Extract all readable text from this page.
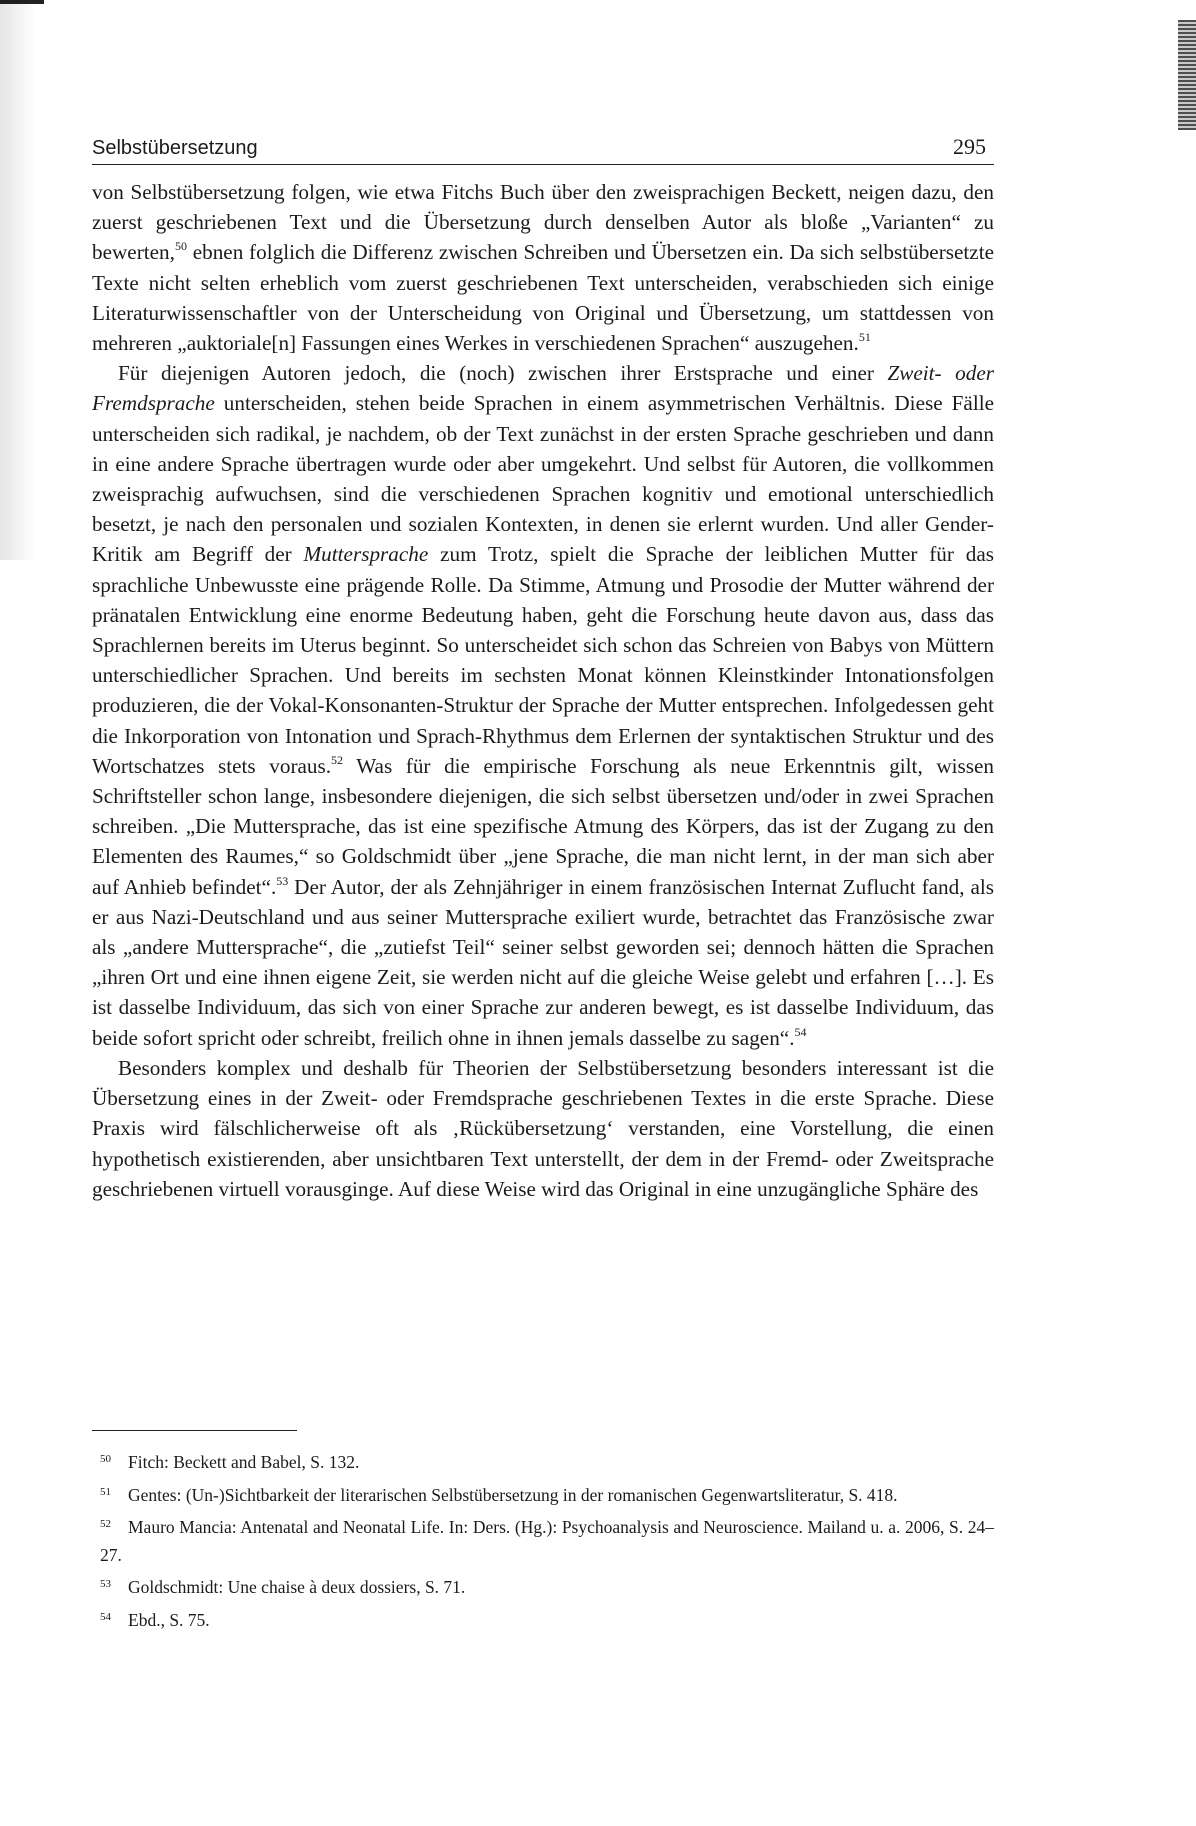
Selbstübersetzung	295

von Selbstübersetzung folgen, wie etwa Fitchs Buch über den zweisprachigen Beckett, neigen dazu, den zuerst geschriebenen Text und die Übersetzung durch denselben Autor als bloße „Varianten“ zu bewerten,$^{50}$ ebnen folglich die Differenz zwischen Schreiben und Übersetzen ein. Da sich selbstübersetzte Texte nicht selten erheblich vom zuerst geschriebenen Text unterscheiden, verabschieden sich einige Literaturwissenschaftler von der Unterscheidung von Original und Übersetzung, um stattdessen von mehreren „auktoriale[n] Fassungen eines Werkes in verschiedenen Sprachen“ auszugehen.$^{51}$

Für diejenigen Autoren jedoch, die (noch) zwischen ihrer Erstsprache und einer Zweit- oder Fremdsprache unterscheiden, stehen beide Sprachen in einem asymmetrischen Verhältnis. Diese Fälle unterscheiden sich radikal, je nachdem, ob der Text zunächst in der ersten Sprache geschrieben und dann in eine andere Sprache übertragen wurde oder aber umgekehrt. Und selbst für Autoren, die vollkommen zweisprachig aufwuchsen, sind die verschiedenen Sprachen kognitiv und emotional unterschiedlich besetzt, je nach den personalen und sozialen Kontexten, in denen sie erlernt wurden. Und aller Gender-Kritik am Begriff der Muttersprache zum Trotz, spielt die Sprache der leiblichen Mutter für das sprachliche Unbewusste eine prägende Rolle. Da Stimme, Atmung und Prosodie der Mutter während der pränatalen Entwicklung eine enorme Bedeutung haben, geht die Forschung heute davon aus, dass das Sprachlernen bereits im Uterus beginnt. So unterscheidet sich schon das Schreien von Babys von Müttern unterschiedlicher Sprachen. Und bereits im sechsten Monat können Kleinstkinder Intonationsfolgen produzieren, die der Vokal-Konsonanten-Struktur der Sprache der Mutter entsprechen. Infolgedessen geht die Inkorporation von Intonation und Sprach-Rhythmus dem Erlernen der syntaktischen Struktur und des Wortschatzes stets voraus.$^{52}$ Was für die empirische Forschung als neue Erkenntnis gilt, wissen Schriftsteller schon lange, insbesondere diejenigen, die sich selbst übersetzen und/oder in zwei Sprachen schreiben. „Die Muttersprache, das ist eine spezifische Atmung des Körpers, das ist der Zugang zu den Elementen des Raumes,“ so Goldschmidt über „jene Sprache, die man nicht lernt, in der man sich aber auf Anhieb befindet“.$^{53}$ Der Autor, der als Zehnjähriger in einem französischen Internat Zuflucht fand, als er aus Nazi-Deutschland und aus seiner Muttersprache exiliert wurde, betrachtet das Französische zwar als „andere Muttersprache“, die „zutiefst Teil“ seiner selbst geworden sei; dennoch hätten die Sprachen „ihren Ort und eine ihnen eigene Zeit, sie werden nicht auf die gleiche Weise gelebt und erfahren […]. Es ist dasselbe Individuum, das sich von einer Sprache zur anderen bewegt, es ist dasselbe Individuum, das beide sofort spricht oder schreibt, freilich ohne in ihnen jemals dasselbe zu sagen“.$^{54}$

Besonders komplex und deshalb für Theorien der Selbstübersetzung besonders interessant ist die Übersetzung eines in der Zweit- oder Fremdsprache geschriebenen Textes in die erste Sprache. Diese Praxis wird fälschlicherweise oft als ‚Rückübersetzung‘ verstanden, eine Vorstellung, die einen hypothetisch existierenden, aber unsichtbaren Text unterstellt, der dem in der Fremd- oder Zweitsprache geschriebenen virtuell vorausginge. Auf diese Weise wird das Original in eine unzugängliche Sphäre des

50 Fitch: Beckett and Babel, S. 132.
51 Gentes: (Un-)Sichtbarkeit der literarischen Selbstübersetzung in der romanischen Gegenwartsliteratur, S. 418.
52 Mauro Mancia: Antenatal and Neonatal Life. In: Ders. (Hg.): Psychoanalysis and Neuroscience. Mailand u. a. 2006, S. 24–27.
53 Goldschmidt: Une chaise à deux dossiers, S. 71.
54 Ebd., S. 75.
